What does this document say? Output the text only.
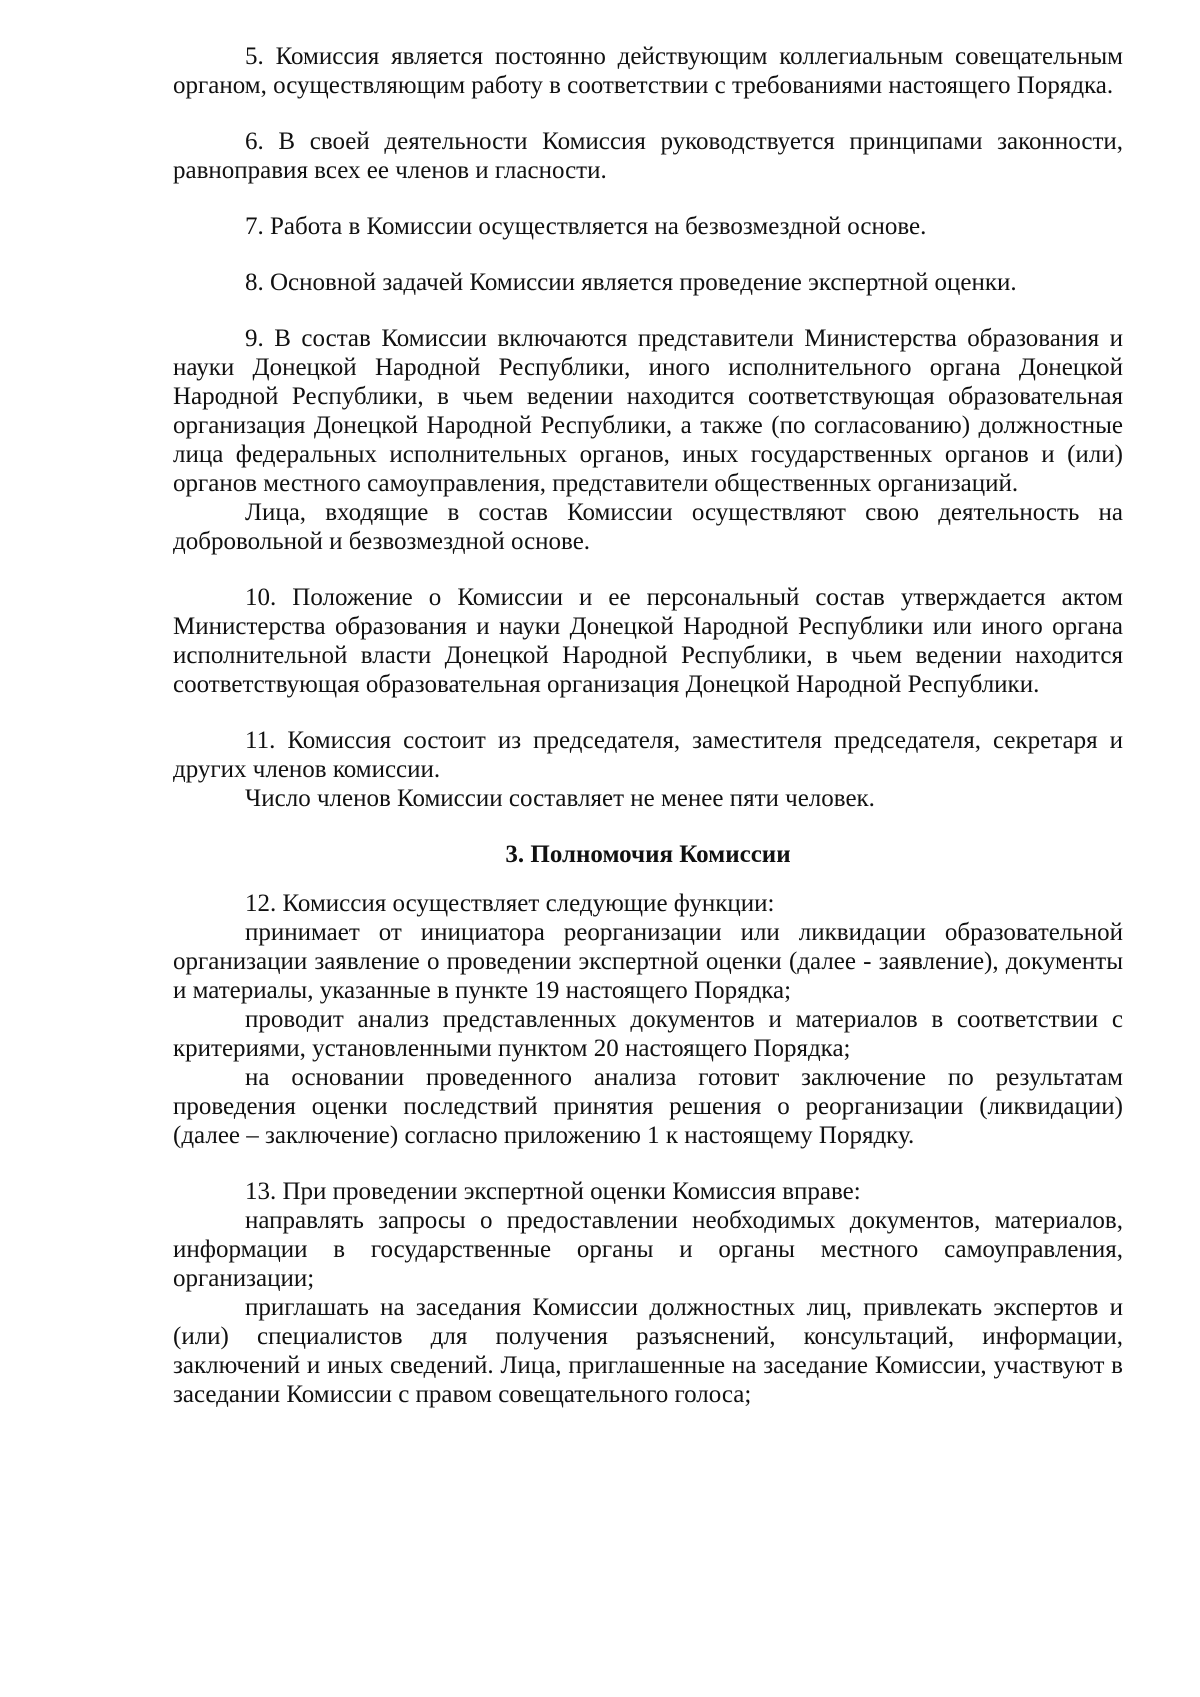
5. Комиссия является постоянно действующим коллегиальным совещательным органом, осуществляющим работу в соответствии с требованиями настоящего Порядка.

6. В своей деятельности Комиссия руководствуется принципами законности, равноправия всех ее членов и гласности.

7. Работа в Комиссии осуществляется на безвозмездной основе.

8. Основной задачей Комиссии является проведение экспертной оценки.

9. В состав Комиссии включаются представители Министерства образования и науки Донецкой Народной Республики, иного исполнительного органа Донецкой Народной Республики, в чьем ведении находится соответствующая образовательная организация Донецкой Народной Республики, а также (по согласованию) должностные лица федеральных исполнительных органов, иных государственных органов и (или) органов местного самоуправления, представители общественных организаций.

Лица, входящие в состав Комиссии осуществляют свою деятельность на добровольной и безвозмездной основе.

10. Положение о Комиссии и ее персональный состав утверждается актом Министерства образования и науки Донецкой Народной Республики или иного органа исполнительной власти Донецкой Народной Республики, в чьем ведении находится соответствующая образовательная организация Донецкой Народной Республики.

11. Комиссия состоит из председателя, заместителя председателя, секретаря и других членов комиссии.

Число членов Комиссии составляет не менее пяти человек.

3. Полномочия Комиссии

12. Комиссия осуществляет следующие функции:

принимает от инициатора реорганизации или ликвидации образовательной организации заявление о проведении экспертной оценки (далее - заявление), документы и материалы, указанные в пункте 19 настоящего Порядка;

проводит анализ представленных документов и материалов в соответствии с критериями, установленными пунктом 20 настоящего Порядка;

на основании проведенного анализа готовит заключение по результатам проведения оценки последствий принятия решения о реорганизации (ликвидации) (далее – заключение) согласно приложению 1 к настоящему Порядку.

13. При проведении экспертной оценки Комиссия вправе:

направлять запросы о предоставлении необходимых документов, материалов, информации в государственные органы и органы местного самоуправления, организации;

приглашать на заседания Комиссии должностных лиц, привлекать экспертов и (или) специалистов для получения разъяснений, консультаций, информации, заключений и иных сведений. Лица, приглашенные на заседание Комиссии, участвуют в заседании Комиссии с правом совещательного голоса;
